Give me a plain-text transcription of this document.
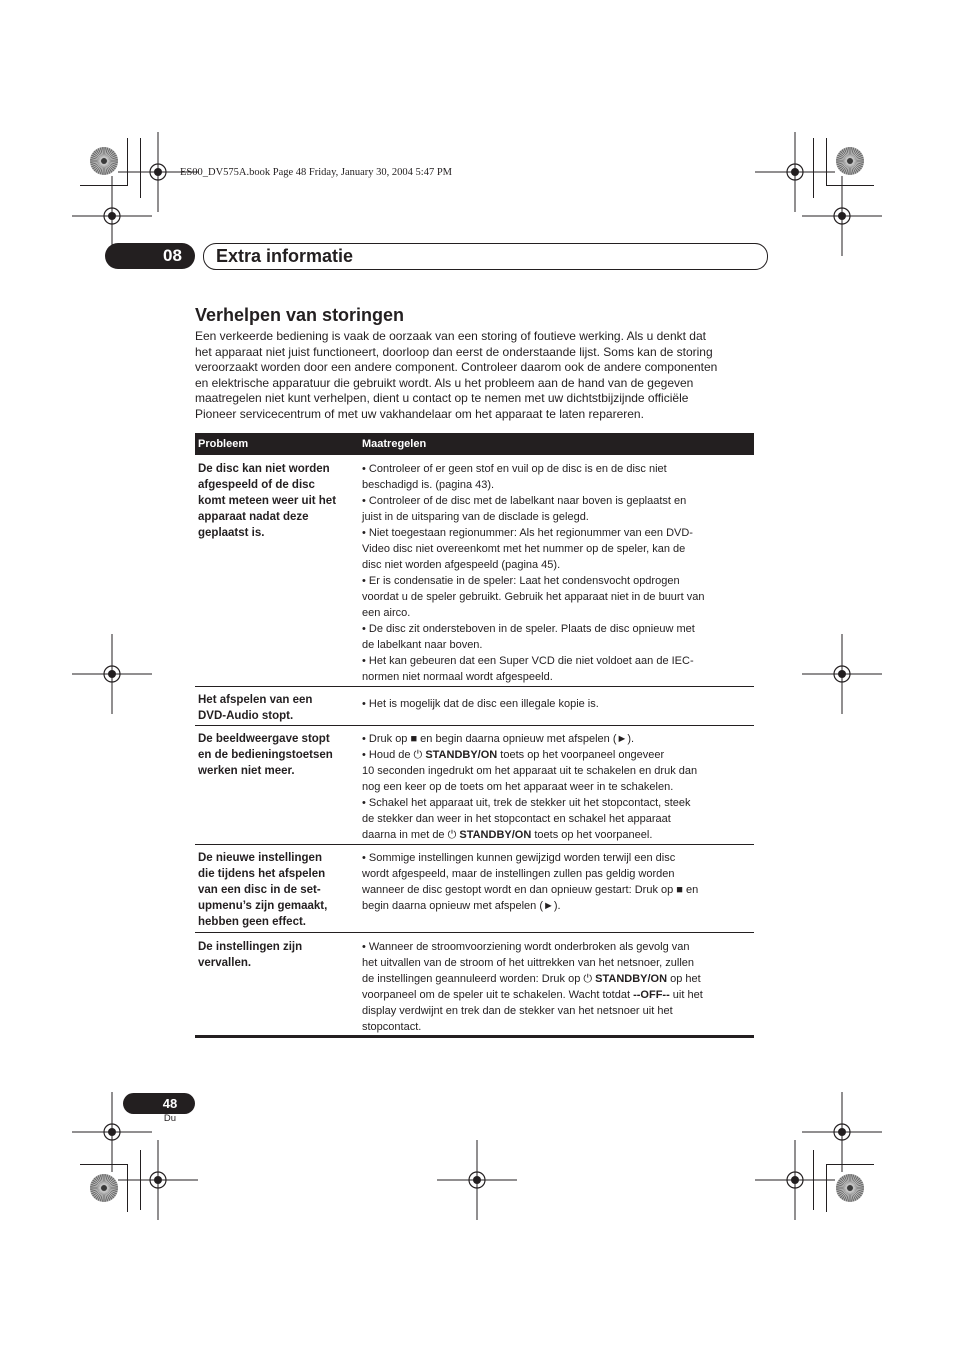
ES00_DV575A.book Page 48 Friday, January 30, 2004 5:47 PM
08	Extra informatie
Verhelpen van storingen
Een verkeerde bediening is vaak de oorzaak van een storing of foutieve werking. Als u denkt dat
het apparaat niet juist functioneert, doorloop dan eerst de onderstaande lijst. Soms kan de storing
veroorzaakt worden door een andere component. Controleer daarom ook de andere componenten
en elektrische apparatuur die gebruikt wordt. Als u het probleem aan de hand van de gegeven
maatregelen niet kunt verhelpen, dient u contact op te nemen met uw dichtstbijzijnde officiële
Pioneer servicecentrum of met uw vakhandelaar om het apparaat te laten repareren.
Probleem	Maatregelen
De disc kan niet worden
afgespeeld of de disc
komt meteen weer uit het
apparaat nadat deze
geplaatst is.
• Controleer of er geen stof en vuil op de disc is en de disc niet
beschadigd is. (pagina 43).
• Controleer of de disc met de labelkant naar boven is geplaatst en
juist in de uitsparing van de disclade is gelegd.
• Niet toegestaan regionummer: Als het regionummer van een DVD-
Video disc niet overeenkomt met het nummer op de speler, kan de
disc niet worden afgespeeld (pagina 45).
• Er is condensatie in de speler: Laat het condensvocht opdrogen
voordat u de speler gebruikt. Gebruik het apparaat niet in de buurt van
een airco.
• De disc zit ondersteboven in de speler. Plaats de disc opnieuw met
de labelkant naar boven.
• Het kan gebeuren dat een Super VCD die niet voldoet aan de IEC-
normen niet normaal wordt afgespeeld.
Het afspelen van een
DVD-Audio stopt.
• Het is mogelijk dat de disc een illegale kopie is.
De beeldweergave stopt
en de bedieningstoetsen
werken niet meer.
• Druk op ■ en begin daarna opnieuw met afspelen (►).
• Houd de ⏻ STANDBY/ON toets op het voorpaneel ongeveer
10 seconden ingedrukt om het apparaat uit te schakelen en druk dan
nog een keer op de toets om het apparaat weer in te schakelen.
• Schakel het apparaat uit, trek de stekker uit het stopcontact, steek
de stekker dan weer in het stopcontact en schakel het apparaat
daarna in met de ⏻ STANDBY/ON toets op het voorpaneel.
De nieuwe instellingen
die tijdens het afspelen
van een disc in de set-
upmenu’s zijn gemaakt,
hebben geen effect.
• Sommige instellingen kunnen gewijzigd worden terwijl een disc
wordt afgespeeld, maar de instellingen zullen pas geldig worden
wanneer de disc gestopt wordt en dan opnieuw gestart: Druk op ■ en
begin daarna opnieuw met afspelen (►).
De instellingen zijn
vervallen.
• Wanneer de stroomvoorziening wordt onderbroken als gevolg van
het uitvallen van de stroom of het uittrekken van het netsnoer, zullen
de instellingen geannuleerd worden: Druk op ⏻ STANDBY/ON op het
voorpaneel om de speler uit te schakelen. Wacht totdat --OFF-- uit het
display verdwijnt en trek dan de stekker van het netsnoer uit het
stopcontact.
48
Du
